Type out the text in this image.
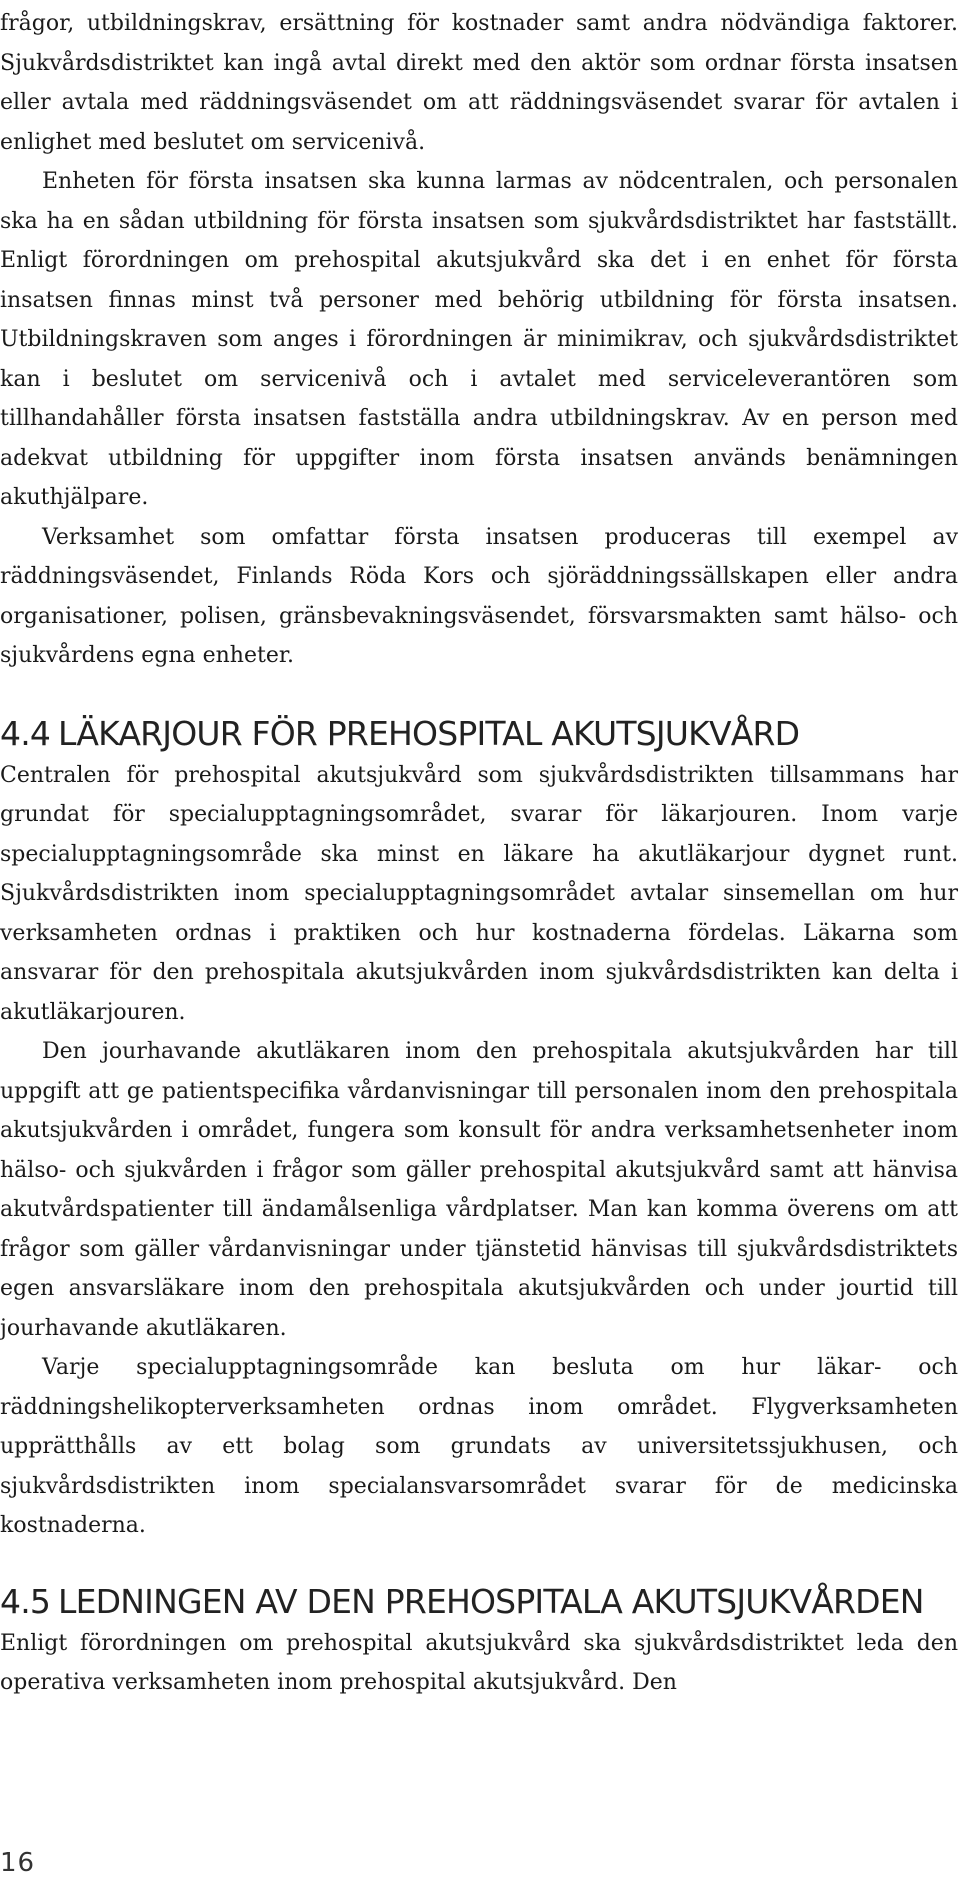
frågor, utbildningskrav, ersättning för kostnader samt andra nödvändiga faktorer. Sjukvårdsdistriktet kan ingå avtal direkt med den aktör som ordnar första insatsen eller avtala med räddningsväsendet om att räddningsväsendet svarar för avtalen i enlighet med beslutet om servicenivå.

Enheten för första insatsen ska kunna larmas av nödcentralen, och personalen ska ha en sådan utbildning för första insatsen som sjukvårdsdistriktet har fastställt. Enligt förordningen om prehospital akutsjukvård ska det i en enhet för första insatsen finnas minst två personer med behörig utbildning för första insatsen. Utbildningskraven som anges i förordningen är minimikrav, och sjukvårdsdistriktet kan i beslutet om servicenivå och i avtalet med serviceleverantören som tillhandahåller första insatsen fastställa andra utbildningskrav. Av en person med adekvat utbildning för uppgifter inom första insatsen används benämningen akuthjälpare.

Verksamhet som omfattar första insatsen produceras till exempel av räddningsväsendet, Finlands Röda Kors och sjöräddningssällskapen eller andra organisationer, polisen, gränsbevakningsväsendet, försvarsmakten samt hälso- och sjukvårdens egna enheter.

4.4 LÄKARJOUR FÖR PREHOSPITAL AKUTSJUKVÅRD

Centralen för prehospital akutsjukvård som sjukvårdsdistrikten tillsammans har grundat för specialupptagningsområdet, svarar för läkarjouren. Inom varje specialupptagningsområde ska minst en läkare ha akutläkarjour dygnet runt. Sjukvårdsdistrikten inom specialupptagningsområdet avtalar sinsemellan om hur verksamheten ordnas i praktiken och hur kostnaderna fördelas. Läkarna som ansvarar för den prehospitala akutsjukvården inom sjukvårdsdistrikten kan delta i akutläkarjouren.

Den jourhavande akutläkaren inom den prehospitala akutsjukvården har till uppgift att ge patientspecifika vårdanvisningar till personalen inom den prehospitala akutsjukvården i området, fungera som konsult för andra verksamhetsenheter inom hälso- och sjukvården i frågor som gäller prehospital akutsjukvård samt att hänvisa akutvårdspatienter till ändamålsenliga vårdplatser. Man kan komma överens om att frågor som gäller vårdanvisningar under tjänstetid hänvisas till sjukvårdsdistriktets egen ansvarsläkare inom den prehospitala akutsjukvården och under jourtid till jourhavande akutläkaren.

Varje specialupptagningsområde kan besluta om hur läkar- och räddningshelikopterverksamheten ordnas inom området. Flygverksamheten upprätthålls av ett bolag som grundats av universitetssjukhusen, och sjukvårdsdistrikten inom specialansvarsområdet svarar för de medicinska kostnaderna.

4.5 LEDNINGEN AV DEN PREHOSPITALA AKUTSJUKVÅRDEN

Enligt förordningen om prehospital akutsjukvård ska sjukvårdsdistriktet leda den operativa verksamheten inom prehospital akutsjukvård. Den

16
